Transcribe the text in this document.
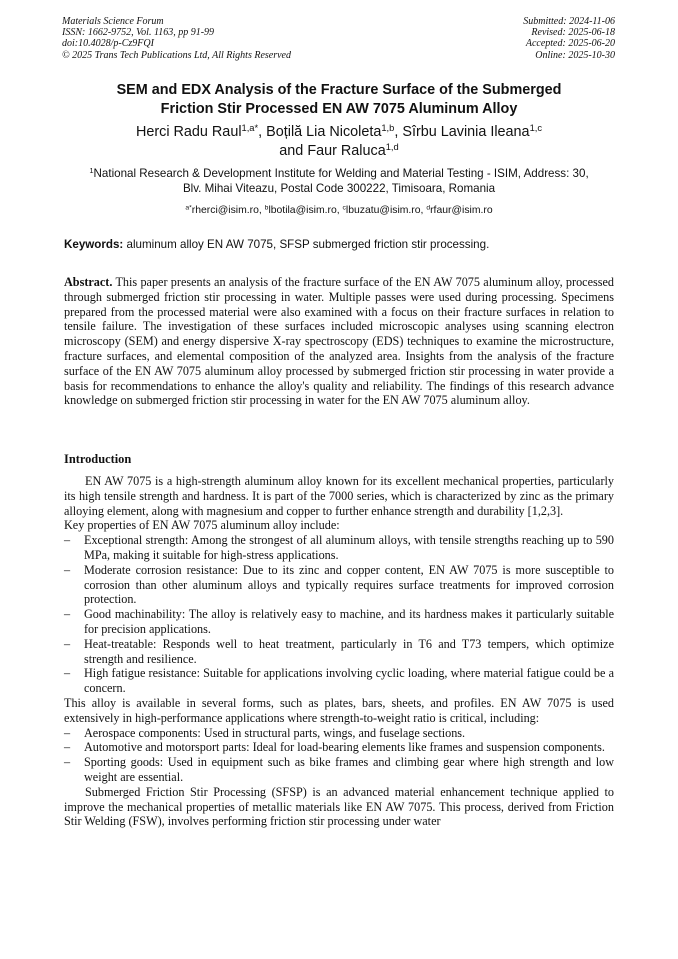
Materials Science Forum
ISSN: 1662-9752, Vol. 1163, pp 91-99
doi:10.4028/p-Cz9FQI
© 2025 Trans Tech Publications Ltd, All Rights Reserved
Submitted: 2024-11-06
Revised: 2025-06-18
Accepted: 2025-06-20
Online: 2025-10-30
SEM and EDX Analysis of the Fracture Surface of the Submerged
Friction Stir Processed EN AW 7075 Aluminum Alloy
Herci Radu Raul$^{1,a*}$, Boțilă Lia Nicoleta$^{1,b}$, Sîrbu Lavinia Ileana$^{1,c}$
and Faur Raluca$^{1,d}$
$^1$National Research & Development Institute for Welding and Material Testing - ISIM, Address: 30,
Blv. Mihai Viteazu, Postal Code 300222, Timisoara, Romania
$^{a*}$rherci@isim.ro, $^b$lbotila@isim.ro, $^c$lbuzatu@isim.ro, $^d$rfaur@isim.ro
Keywords: aluminum alloy EN AW 7075, SFSP submerged friction stir processing.
Abstract. This paper presents an analysis of the fracture surface of the EN AW 7075 aluminum alloy, processed through submerged friction stir processing in water. Multiple passes were used during processing. Specimens prepared from the processed material were also examined with a focus on their fracture surfaces in relation to tensile failure. The investigation of these surfaces included microscopic analyses using scanning electron microscopy (SEM) and energy dispersive X-ray spectroscopy (EDS) techniques to examine the microstructure, fracture surfaces, and elemental composition of the analyzed area. Insights from the analysis of the fracture surface of the EN AW 7075 aluminum alloy processed by submerged friction stir processing in water provide a basis for recommendations to enhance the alloy's quality and reliability. The findings of this research advance knowledge on submerged friction stir processing in water for the EN AW 7075 aluminum alloy.
Introduction

EN AW 7075 is a high-strength aluminum alloy known for its excellent mechanical properties, particularly its high tensile strength and hardness. It is part of the 7000 series, which is characterized by zinc as the primary alloying element, along with magnesium and copper to further enhance strength and durability [1,2,3].

Key properties of EN AW 7075 aluminum alloy include:

– Exceptional strength: Among the strongest of all aluminum alloys, with tensile strengths reaching up to 590 MPa, making it suitable for high-stress applications.
– Moderate corrosion resistance: Due to its zinc and copper content, EN AW 7075 is more susceptible to corrosion than other aluminum alloys and typically requires surface treatments for improved corrosion protection.
– Good machinability: The alloy is relatively easy to machine, and its hardness makes it particularly suitable for precision applications.
– Heat-treatable: Responds well to heat treatment, particularly in T6 and T73 tempers, which optimize strength and resilience.
– High fatigue resistance: Suitable for applications involving cyclic loading, where material fatigue could be a concern.

This alloy is available in several forms, such as plates, bars, sheets, and profiles. EN AW 7075 is used extensively in high-performance applications where strength-to-weight ratio is critical, including:

– Aerospace components: Used in structural parts, wings, and fuselage sections.
– Automotive and motorsport parts: Ideal for load-bearing elements like frames and suspension components.
– Sporting goods: Used in equipment such as bike frames and climbing gear where high strength and low weight are essential.

Submerged Friction Stir Processing (SFSP) is an advanced material enhancement technique applied to improve the mechanical properties of metallic materials like EN AW 7075. This process, derived from Friction Stir Welding (FSW), involves performing friction stir processing under water
